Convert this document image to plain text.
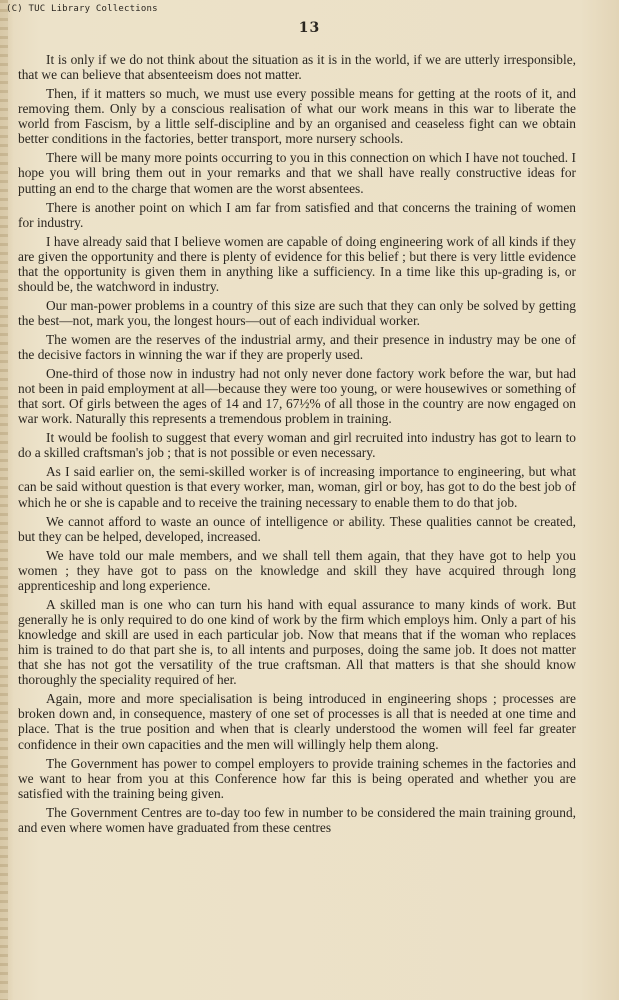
(C) TUC Library Collections
13

It is only if we do not think about the situation as it is in the world, if we are utterly irresponsible, that we can believe that absenteeism does not matter.

Then, if it matters so much, we must use every possible means for getting at the roots of it, and removing them. Only by a conscious realisation of what our work means in this war to liberate the world from Fascism, by a little self-discipline and by an organised and ceaseless fight can we obtain better conditions in the factories, better transport, more nursery schools.

There will be many more points occurring to you in this connection on which I have not touched. I hope you will bring them out in your remarks and that we shall have really constructive ideas for putting an end to the charge that women are the worst absentees.

There is another point on which I am far from satisfied and that concerns the training of women for industry.

I have already said that I believe women are capable of doing engineering work of all kinds if they are given the opportunity and there is plenty of evidence for this belief ; but there is very little evidence that the opportunity is given them in anything like a sufficiency. In a time like this up-grading is, or should be, the watchword in industry.

Our man-power problems in a country of this size are such that they can only be solved by getting the best—not, mark you, the longest hours—out of each individual worker.

The women are the reserves of the industrial army, and their presence in industry may be one of the decisive factors in winning the war if they are properly used.

One-third of those now in industry had not only never done factory work before the war, but had not been in paid employment at all—because they were too young, or were housewives or something of that sort. Of girls between the ages of 14 and 17, 67½% of all those in the country are now engaged on war work. Naturally this represents a tremendous problem in training.

It would be foolish to suggest that every woman and girl recruited into industry has got to learn to do a skilled craftsman's job ; that is not possible or even necessary.

As I said earlier on, the semi-skilled worker is of increasing importance to engineering, but what can be said without question is that every worker, man, woman, girl or boy, has got to do the best job of which he or she is capable and to receive the training necessary to enable them to do that job.

We cannot afford to waste an ounce of intelligence or ability. These qualities cannot be created, but they can be helped, developed, increased.

We have told our male members, and we shall tell them again, that they have got to help you women ; they have got to pass on the knowledge and skill they have acquired through long apprenticeship and long experience.

A skilled man is one who can turn his hand with equal assurance to many kinds of work. But generally he is only required to do one kind of work by the firm which employs him. Only a part of his knowledge and skill are used in each particular job. Now that means that if the woman who replaces him is trained to do that part she is, to all intents and purposes, doing the same job. It does not matter that she has not got the versatility of the true craftsman. All that matters is that she should know thoroughly the speciality required of her.

Again, more and more specialisation is being introduced in engineering shops ; processes are broken down and, in consequence, mastery of one set of processes is all that is needed at one time and place. That is the true position and when that is clearly understood the women will feel far greater confidence in their own capacities and the men will willingly help them along.

The Government has power to compel employers to provide training schemes in the factories and we want to hear from you at this Conference how far this is being operated and whether you are satisfied with the training being given.

The Government Centres are to-day too few in number to be considered the main training ground, and even where women have graduated from these centres
